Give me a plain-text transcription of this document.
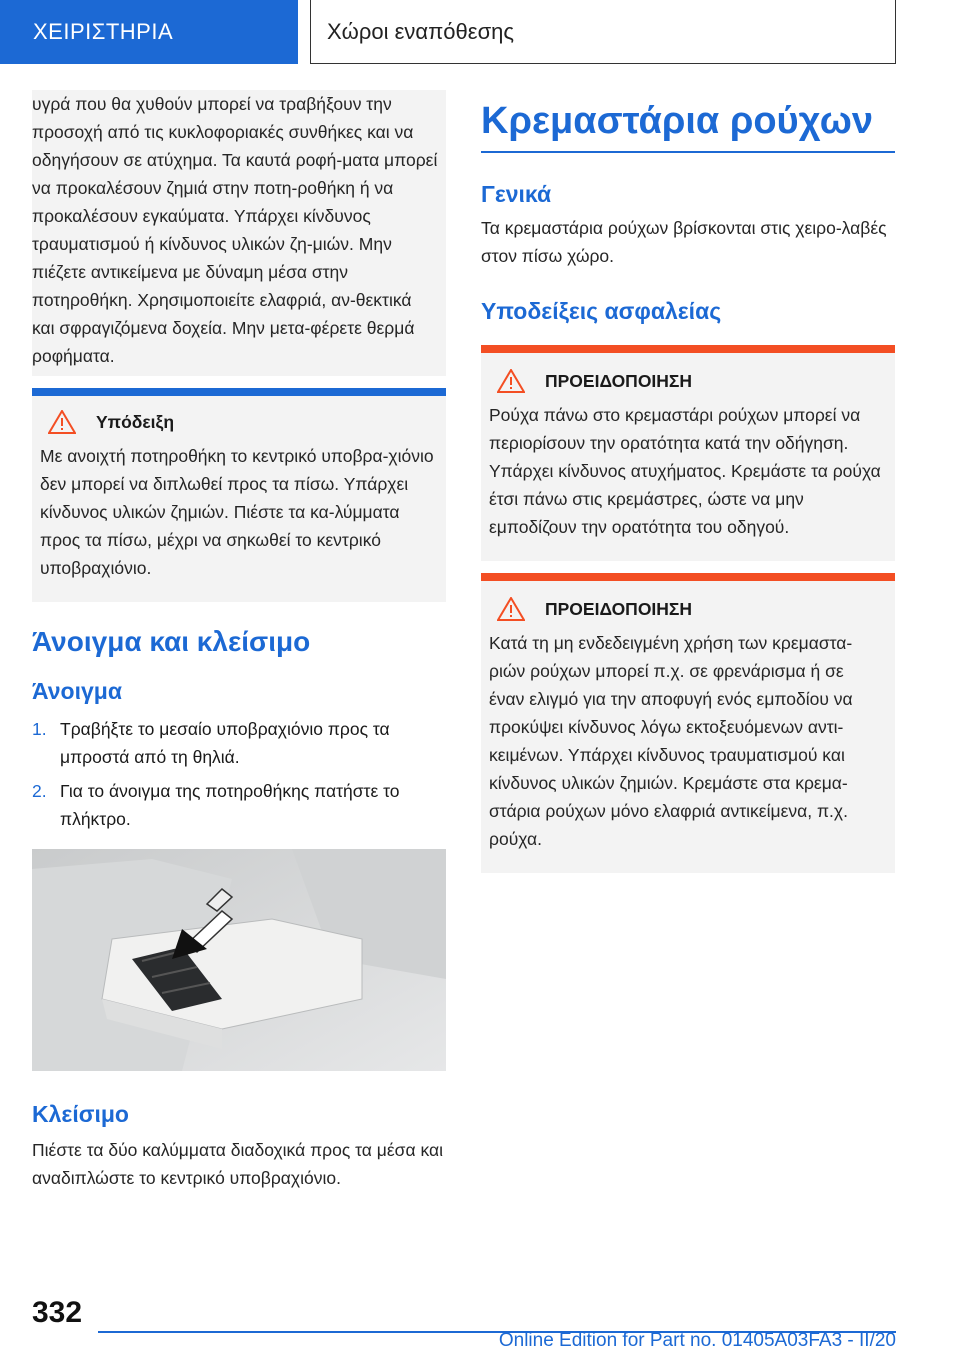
ΧΕΙΡΙΣΤΗΡΙΑ	Χώροι εναπόθεσης
υγρά που θα χυθούν μπορεί να τραβήξουν την προσοχή από τις κυκλοφοριακές συνθήκες και να οδηγήσουν σε ατύχημα. Τα καυτά ροφή-ματα μπορεί να προκαλέσουν ζημιά στην ποτη-ροθήκη ή να προκαλέσουν εγκαύματα. Υπάρχει κίνδυνος τραυματισμού ή κίνδυνος υλικών ζη-μιών. Μην πιέζετε αντικείμενα με δύναμη μέσα στην ποτηροθήκη. Χρησιμοποιείτε ελαφριά, αν-θεκτικά και σφραγιζόμενα δοχεία. Μην μετα-φέρετε θερμά ροφήματα.
Υπόδειξη
Με ανοιχτή ποτηροθήκη το κεντρικό υποβρα-χιόνιο δεν μπορεί να διπλωθεί προς τα πίσω. Υπάρχει κίνδυνος υλικών ζημιών. Πιέστε τα κα-λύμματα προς τα πίσω, μέχρι να σηκωθεί το κεντρικό υποβραχιόνιο.
Άνοιγμα και κλείσιμο
Άνοιγμα
1. Τραβήξτε το μεσαίο υποβραχιόνιο προς τα μπροστά από τη θηλιά.
2. Για το άνοιγμα της ποτηροθήκης πατήστε το πλήκτρο.
Κλείσιμο
Πιέστε τα δύο καλύμματα διαδοχικά προς τα μέσα και αναδιπλώστε το κεντρικό υποβραχιόνιο.
Κρεμαστάρια ρούχων
Γενικά
Τα κρεμαστάρια ρούχων βρίσκονται στις χειρο-λαβές στον πίσω χώρο.
Υποδείξεις ασφαλείας
ΠΡΟΕΙΔΟΠΟΙΗΣΗ
Ρούχα πάνω στο κρεμαστάρι ρούχων μπορεί να περιορίσουν την ορατότητα κατά την οδήγηση. Υπάρχει κίνδυνος ατυχήματος. Κρεμάστε τα ρούχα έτσι πάνω στις κρεμάστρες, ώστε να μην εμποδίζουν την ορατότητα του οδηγού.
ΠΡΟΕΙΔΟΠΟΙΗΣΗ
Κατά τη μη ενδεδειγμένη χρήση των κρεμαστα-ριών ρούχων μπορεί π.χ. σε φρενάρισμα ή σε έναν ελιγμό για την αποφυγή ενός εμποδίου να προκύψει κίνδυνος λόγω εκτοξευόμενων αντι-κειμένων. Υπάρχει κίνδυνος τραυματισμού και κίνδυνος υλικών ζημιών. Κρεμάστε στα κρεμα-στάρια ρούχων μόνο ελαφριά αντικείμενα, π.χ. ρούχα.
332
Online Edition for Part no. 01405A03FA3 - II/20
